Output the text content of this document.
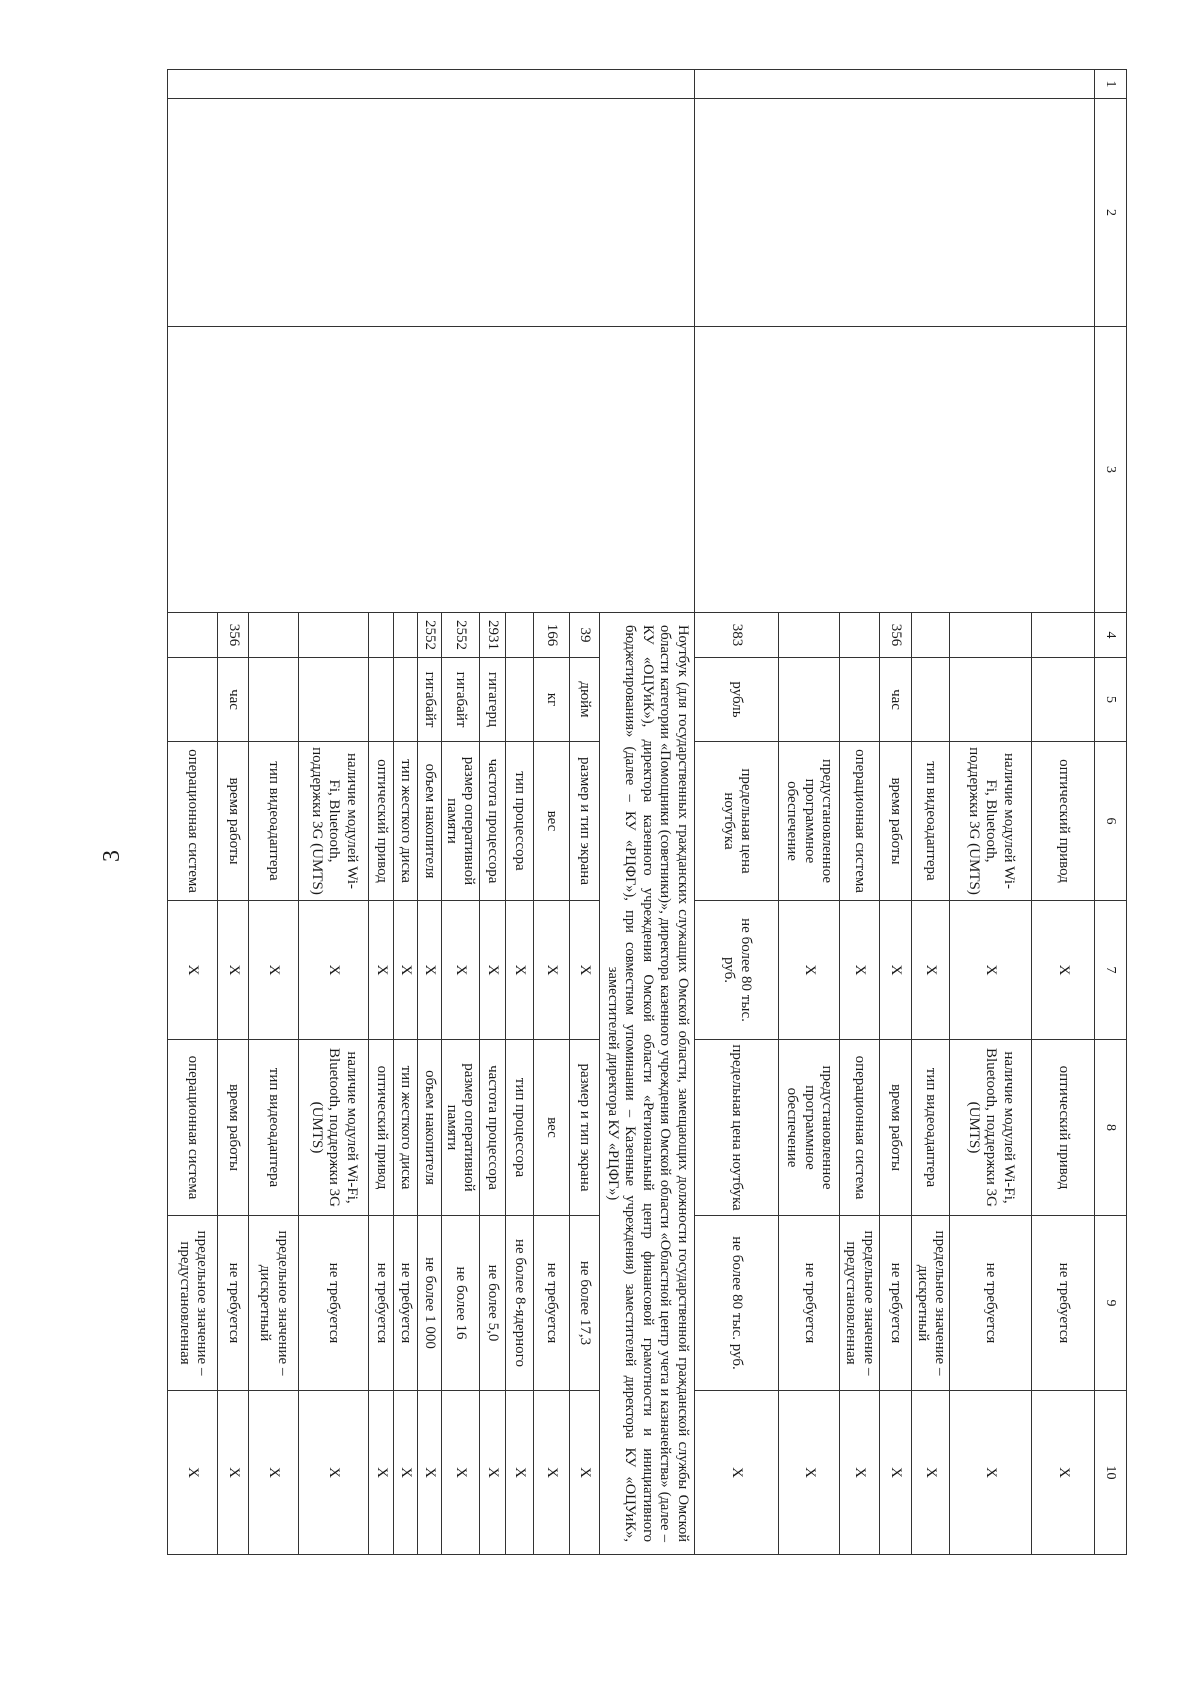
3
1	2	3	4	5	6	7	8	9	10
					оптический привод	X	оптический привод	не требуется	X
					наличие модулей Wi-Fi, Bluetooth, поддержки 3G (UMTS)	X	наличие модулей Wi-Fi, Bluetooth, поддержки 3G (UMTS)	не требуется	X
					тип видеоадаптера	X	тип видеоадаптера	предельное значение – дискретный	X
			356	час	время работы	X	время работы	не требуется	X
					операционная система	X	операционная система	предельное значение – предустановленная	X
					предустановленное программное обеспечение	X	предустановленное программное обеспечение	не требуется	X
			383	рубль	предельная цена ноутбука	не более 80 тыс. руб.	предельная цена ноутбука	не более 80 тыс. руб.	X
			Ноутбук (для государственных гражданских служащих Омской области, замещающих должности государственной гражданской службы Омской области категории «Помощники (советники)», директора казенного учреждения Омской области «Областной центр учета и казначейства» (далее – КУ «ОЦУиК»), директора казенного учреждения Омской области «Региональный центр финансовой грамотности и инициативного бюджетирования» (далее – КУ «РЦФГ»), при совместном упоминании – Казенные учреждения) заместителей директора КУ «ОЦУиК», заместителей директора КУ «РЦФГ»)						
			39	дюйм	размер и тип экрана	X	размер и тип экрана	не более 17,3	X
			166	кг	вес	X	вес	не требуется	X
					тип процессора	X	тип процессора	не более 8-ядерного	X
			2931	гигагерц	частота процессора	X	частота процессора	не более 5,0	X
			2552	гигабайт	размер оперативной памяти	X	размер оперативной памяти	не более 16	X
			2552	гигабайт	объем накопителя	X	объем накопителя	не более 1 000	X
					тип жесткого диска	X	тип жесткого диска	не требуется	X
					оптический привод	X	оптический привод	не требуется	X
					наличие модулей Wi-Fi, Bluetooth, поддержки 3G (UMTS)	X	наличие модулей Wi-Fi, Bluetooth, поддержки 3G (UMTS)	не требуется	X
					тип видеоадаптера	X	тип видеоадаптера	предельное значение – дискретный	X
			356	час	время работы	X	время работы	не требуется	X
					операционная система	X	операционная система	предельное значение – предустановленная	X
